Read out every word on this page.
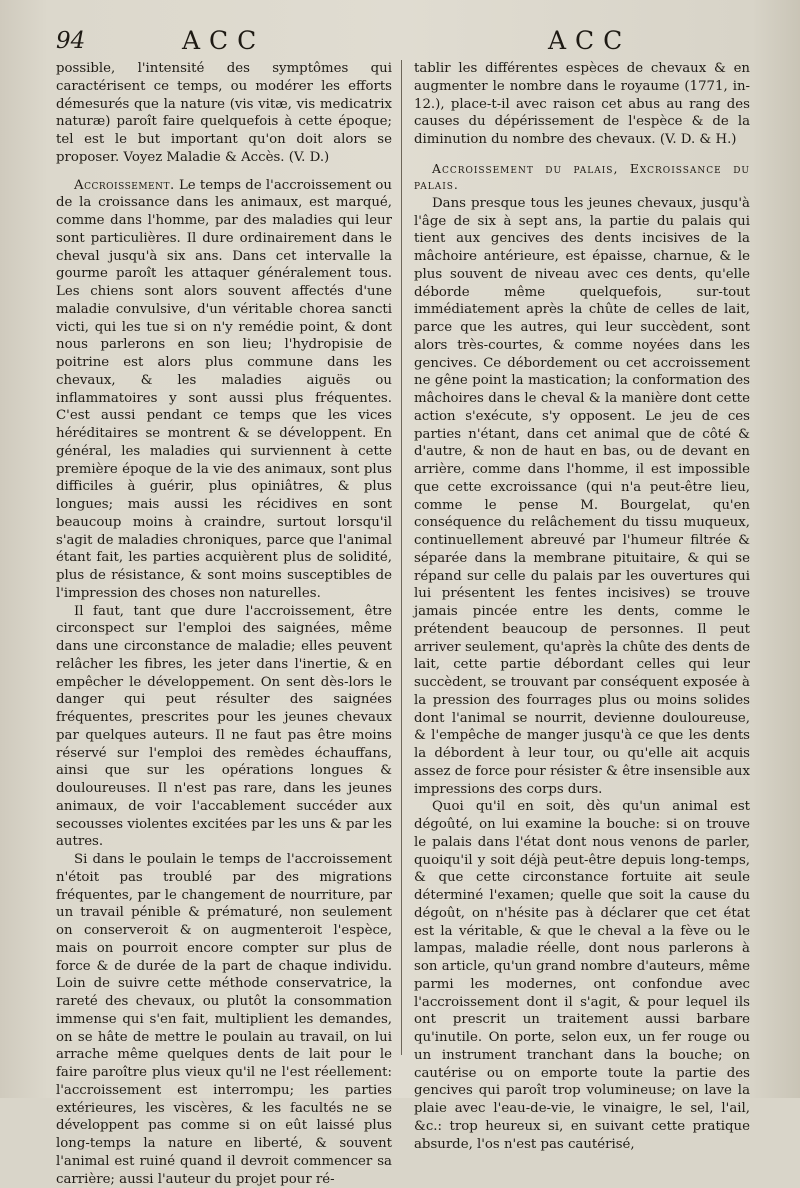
94	ACC	ACC

possible, l'intensité des symptômes qui caractérisent ce temps, ou modérer les efforts démesurés que la nature (vis vitæ, vis medicatrix naturæ) paroît faire quelquefois à cette époque; tel est le but important qu'on doit alors se proposer. Voyez Maladie & Accès. (V. D.)

Accroissement. Le temps de l'accroissement ou de la croissance dans les animaux, est marqué, comme dans l'homme, par des maladies qui leur sont particulières. Il dure ordinairement dans le cheval jusqu'à six ans. Dans cet intervalle la gourme paroît les attaquer généralement tous. Les chiens sont alors souvent affectés d'une maladie convulsive, d'un véritable chorea sancti victi, qui les tue si on n'y remédie point, & dont nous parlerons en son lieu; l'hydropisie de poitrine est alors plus commune dans les chevaux, & les maladies aiguës ou inflammatoires y sont aussi plus fréquentes. C'est aussi pendant ce temps que les vices héréditaires se montrent & se développent. En général, les maladies qui surviennent à cette première époque de la vie des animaux, sont plus difficiles à guérir, plus opiniâtres, & plus longues; mais aussi les récidives en sont beaucoup moins à craindre, surtout lorsqu'il s'agit de maladies chroniques, parce que l'animal étant fait, les parties acquièrent plus de solidité, plus de résistance, & sont moins susceptibles de l'impression des choses non naturelles.

Il faut, tant que dure l'accroissement, être circonspect sur l'emploi des saignées, même dans une circonstance de maladie; elles peuvent relâcher les fibres, les jeter dans l'inertie, & en empêcher le développement. On sent dès-lors le danger qui peut résulter des saignées fréquentes, prescrites pour les jeunes chevaux par quelques auteurs. Il ne faut pas être moins réservé sur l'emploi des remèdes échauffans, ainsi que sur les opérations longues & douloureuses. Il n'est pas rare, dans les jeunes animaux, de voir l'accablement succéder aux secousses violentes excitées par les uns & par les autres.

Si dans le poulain le temps de l'accroissement n'étoit pas troublé par des migrations fréquentes, par le changement de nourriture, par un travail pénible & prématuré, non seulement on conserveroit & on augmenteroit l'espèce, mais on pourroit encore compter sur plus de force & de durée de la part de chaque individu. Loin de suivre cette méthode conservatrice, la rareté des chevaux, ou plutôt la consommation immense qui s'en fait, multiplient les demandes, on se hâte de mettre le poulain au travail, on lui arrache même quelques dents de lait pour le faire paroître plus vieux qu'il ne l'est réellement: l'accroissement est interrompu; les parties extérieures, les viscères, & les facultés ne se développent pas comme si on eût laissé plus long-temps la nature en liberté, & souvent l'animal est ruiné quand il devroit commencer sa carrière; aussi l'auteur du projet pour ré-

tablir les différentes espèces de chevaux & en augmenter le nombre dans le royaume (1771, in-12.), place-t-il avec raison cet abus au rang des causes du dépérissement de l'espèce & de la diminution du nombre des chevaux. (V. D. & H.)

Accroissement du palais, Excroissance du palais.

Dans presque tous les jeunes chevaux, jusqu'à l'âge de six à sept ans, la partie du palais qui tient aux gencives des dents incisives de la mâchoire antérieure, est épaisse, charnue, & le plus souvent de niveau avec ces dents, qu'elle déborde même quelquefois, sur-tout immédiatement après la chûte de celles de lait, parce que les autres, qui leur succèdent, sont alors très-courtes, & comme noyées dans les gencives. Ce débordement ou cet accroissement ne gêne point la mastication; la conformation des mâchoires dans le cheval & la manière dont cette action s'exécute, s'y opposent. Le jeu de ces parties n'étant, dans cet animal que de côté & d'autre, & non de haut en bas, ou de devant en arrière, comme dans l'homme, il est impossible que cette excroissance (qui n'a peut-être lieu, comme le pense M. Bourgelat, qu'en conséquence du relâchement du tissu muqueux, continuellement abreuvé par l'humeur filtrée & séparée dans la membrane pituitaire, & qui se répand sur celle du palais par les ouvertures qui lui présentent les fentes incisives) se trouve jamais pincée entre les dents, comme le prétendent beaucoup de personnes. Il peut arriver seulement, qu'après la chûte des dents de lait, cette partie débordant celles qui leur succèdent, se trouvant par conséquent exposée à la pression des fourrages plus ou moins solides dont l'animal se nourrit, devienne douloureuse, & l'empêche de manger jusqu'à ce que les dents la débordent à leur tour, ou qu'elle ait acquis assez de force pour résister & être insensible aux impressions des corps durs.

Quoi qu'il en soit, dès qu'un animal est dégoûté, on lui examine la bouche: si on trouve le palais dans l'état dont nous venons de parler, quoiqu'il y soit déjà peut-être depuis long-temps, & que cette circonstance fortuite ait seule déterminé l'examen; quelle que soit la cause du dégoût, on n'hésite pas à déclarer que cet état est la véritable, & que le cheval a la fève ou le lampas, maladie réelle, dont nous parlerons à son article, qu'un grand nombre d'auteurs, même parmi les modernes, ont confondue avec l'accroissement dont il s'agit, & pour lequel ils ont prescrit un traitement aussi barbare qu'inutile. On porte, selon eux, un fer rouge ou un instrument tranchant dans la bouche; on cautérise ou on emporte toute la partie des gencives qui paroît trop volumineuse; on lave la plaie avec l'eau-de-vie, le vinaigre, le sel, l'ail, &c.: trop heureux si, en suivant cette pratique absurde, l'os n'est pas cautérisé,
